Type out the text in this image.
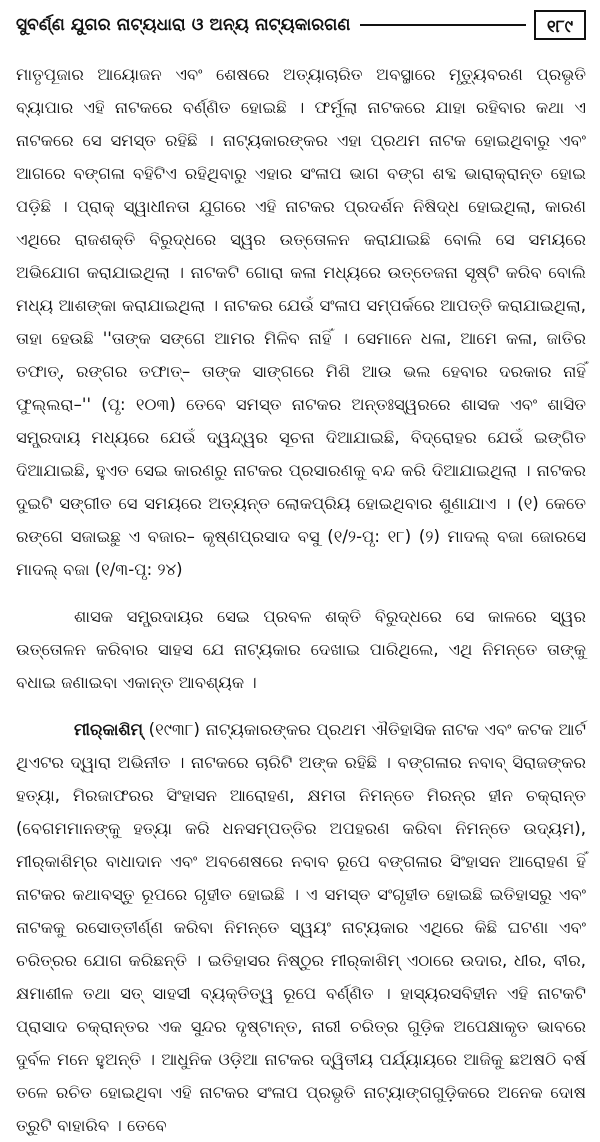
ସୁବର୍ଣ୍ଣ ଯୁଗର ନାଟ୍ୟଧାରା ଓ ଅନ୍ୟ ନାଟ୍ୟକାରଗଣ	୧୮୯

ମାତୃପୂଜାର ଆୟୋଜନ ଏବଂ ଶେଷରେ ଅତ୍ୟାଚାରିତ ଅବସ୍ଥାରେ ମୃତ୍ୟୁବରଣ ପ୍ରଭୃତି ବ୍ୟାପାର ଏହି ନାଟକରେ ବର୍ଣ୍ଣିତ ହୋଇଛି । ଫର୍ମୁଲା ନାଟକରେ ଯାହା ରହିବାର କଥା ଏ ନାଟକରେ ସେ ସମସ୍ତ ରହିଛି । ନାଟ୍ୟକାରଙ୍କର ଏହା ପ୍ରଥମ ନାଟକ ହୋଇଥିବାରୁ ଏବଂ ଆଗରେ ବଙ୍ଗଳା ବହିଟିଏ ରହିଥିବାରୁ ଏହାର ସଂଳାପ ଭାଗ ବଙ୍ଗ ଶବ୍ଦ ଭାରାକ୍ରାନ୍ତ ହୋଇ ପଡ଼ିଛି । ପ୍ରାକ୍ ସ୍ୱାଧୀନତା ଯୁଗରେ ଏହି ନାଟକର ପ୍ରଦର୍ଶନ ନିଷିଦ୍ଧ ହୋଇଥିଲା, କାରଣ ଏଥିରେ ରାଜଶକ୍ତି ବିରୁଦ୍ଧରେ ସ୍ୱର ଉତ୍ତୋଳନ କରାଯାଇଛି ବୋଲି ସେ ସମୟରେ ଅଭିଯୋଗ କରାଯାଇଥିଲା । ନାଟକଟି ଗୋରା କଳା ମଧ୍ୟରେ ଉତ୍ତେଜନା ସୃଷ୍ଟି କରିବ ବୋଲି ମଧ୍ୟ ଆଶଙ୍କା କରାଯାଇଥିଲା । ନାଟକର ଯେଉଁ ସଂଳାପ ସମ୍ପର୍କରେ ଆପତ୍ତି କରାଯାଇଥିଲା, ତାହା ହେଉଛି ''ତାଙ୍କ ସଙ୍ଗେ ଆମର ମିଳିବ ନାହିଁ । ସେମାନେ ଧଳା, ଆମେ କଳା, ଜାତିର ତଫାତ୍, ରଙ୍ଗର ତଫାତ୍– ତାଙ୍କ ସାଙ୍ଗରେ ମିଶି ଆଉ ଭଲ ହେବାର ଦରକାର ନାହିଁ ଫୁଲ୍ଲରା–'' (ପୃ: ୧୦୩) ତେବେ ସମସ୍ତ ନାଟକର ଅନ୍ତଃସ୍ୱରରେ ଶାସକ ଏବଂ ଶାସିତ ସମ୍ପ୍ରଦାୟ ମଧ୍ୟରେ ଯେଉଁ ଦ୍ୱନ୍ଦ୍ୱର ସୂଚନା ଦିଆଯାଇଛି, ବିଦ୍ରୋହର ଯେଉଁ ଇଙ୍ଗିତ ଦିଆଯାଇଛି, ହୁଏତ ସେଇ କାରଣରୁ ନାଟକର ପ୍ରସାରଣକୁ ବନ୍ଦ କରି ଦିଆଯାଇଥିଲା । ନାଟକର ଦୁଇଟି ସଙ୍ଗୀତ ସେ ସମୟରେ ଅତ୍ୟନ୍ତ ଲୋକପ୍ରିୟ ହୋଇଥିବାର ଶୁଣାଯାଏ । (୧) କେତେ ରଙ୍ଗେ ସଜାଇଛୁ ଏ ବଜାର– କୃଷ୍ଣପ୍ରସାଦ ବସୁ (୧/୨-ପୃ: ୧୮) (୨) ମାଦଲ୍ ବଜା ଜୋରସେ ମାଦଲ୍ ବଜା (୧/୩-ପୃ: ୨୪)

ଶାସକ ସମ୍ପ୍ରଦାୟର ସେଇ ପ୍ରବଳ ଶକ୍ତି ବିରୁଦ୍ଧରେ ସେ କାଳରେ ସ୍ୱର ଉତ୍ତୋଳନ କରିବାର ସାହସ ଯେ ନାଟ୍ୟକାର ଦେଖାଇ ପାରିଥିଲେ, ଏଥି ନିମନ୍ତେ ତାଙ୍କୁ ବଧାଇ ଜଣାଇବା ଏକାନ୍ତ ଆବଶ୍ୟକ ।

ମୀର୍‌କାଶିମ୍ (୧୯୩୮) ନାଟ୍ୟକାରଙ୍କର ପ୍ରଥମ ଐତିହାସିକ ନାଟକ ଏବଂ କଟକ ଆର୍ଟ ଥିଏଟର ଦ୍ୱାରା ଅଭିନୀତ । ନାଟକରେ ଚାରିଟି ଅଙ୍କ ରହିଛି । ବଙ୍ଗଳାର ନବାବ୍ ସିରାଜଙ୍କର ହତ୍ୟା, ମିରଜାଫରର ସିଂହାସନ ଆରୋହଣ, କ୍ଷମତା ନିମନ୍ତେ ମିରନ୍‌ର ହୀନ ଚକ୍ରାନ୍ତ (ବେଗମମାନଙ୍କୁ ହତ୍ୟା କରି ଧନସମ୍ପତ୍ତିର ଅପହରଣ କରିବା ନିମନ୍ତେ ଉଦ୍ୟମ), ମୀର୍‌କାଶିମ୍‌ର ବାଧାଦାନ ଏବଂ ଅବଶେଷରେ ନବାବ ରୂପେ ବଙ୍ଗଳାର ସିଂହାସନ ଆରୋହଣ ହିଁ ନାଟକର କଥାବସ୍ତୁ ରୂପରେ ଗୃହୀତ ହୋଇଛି । ଏ ସମସ୍ତ ସଂଗୃହୀତ ହୋଇଛି ଇତିହାସରୁ ଏବଂ ନାଟକକୁ ରସୋତ୍ତୀର୍ଣ୍ଣ କରିବା ନିମନ୍ତେ ସ୍ୱୟଂ ନାଟ୍ୟକାର ଏଥିରେ କିଛି ଘଟଣା ଏବଂ ଚରିତ୍ରର ଯୋଗ କରିଛନ୍ତି । ଇତିହାସର ନିଷ୍ଠୁର ମୀର୍‌କାଶିମ୍ ଏଠାରେ ଉଦାର, ଧୀର, ବୀର, କ୍ଷମାଶୀଳ ତଥା ସତ୍ ସାହସୀ ବ୍ୟକ୍ତିତ୍ୱ ରୂପେ ବର୍ଣ୍ଣିତ । ହାସ୍ୟରସବିହୀନ ଏହି ନାଟକଟି ପ୍ରାସାଦ ଚକ୍ରାନ୍ତର ଏକ ସୁନ୍ଦର ଦୃଷ୍ଟାନ୍ତ, ନାରୀ ଚରିତ୍ର ଗୁଡ଼ିକ ଅପେକ୍ଷାକୃତ ଭାବରେ ଦୁର୍ବଳ ମନେ ହୁଅନ୍ତି । ଆଧୁନିକ ଓଡ଼ିଆ ନାଟକର ଦ୍ୱିତୀୟ ପର୍ଯ୍ୟାୟରେ ଆଜିକୁ ଛଅଷଠି ବର୍ଷ ତଳେ ରଚିତ ହୋଇଥିବା ଏହି ନାଟକର ସଂଳାପ ପ୍ରଭୃତି ନାଟ୍ୟାଙ୍ଗଗୁଡ଼ିକରେ ଅନେକ ଦୋଷ ତ୍ରୁଟି ବାହାରିବ । ତେବେ
